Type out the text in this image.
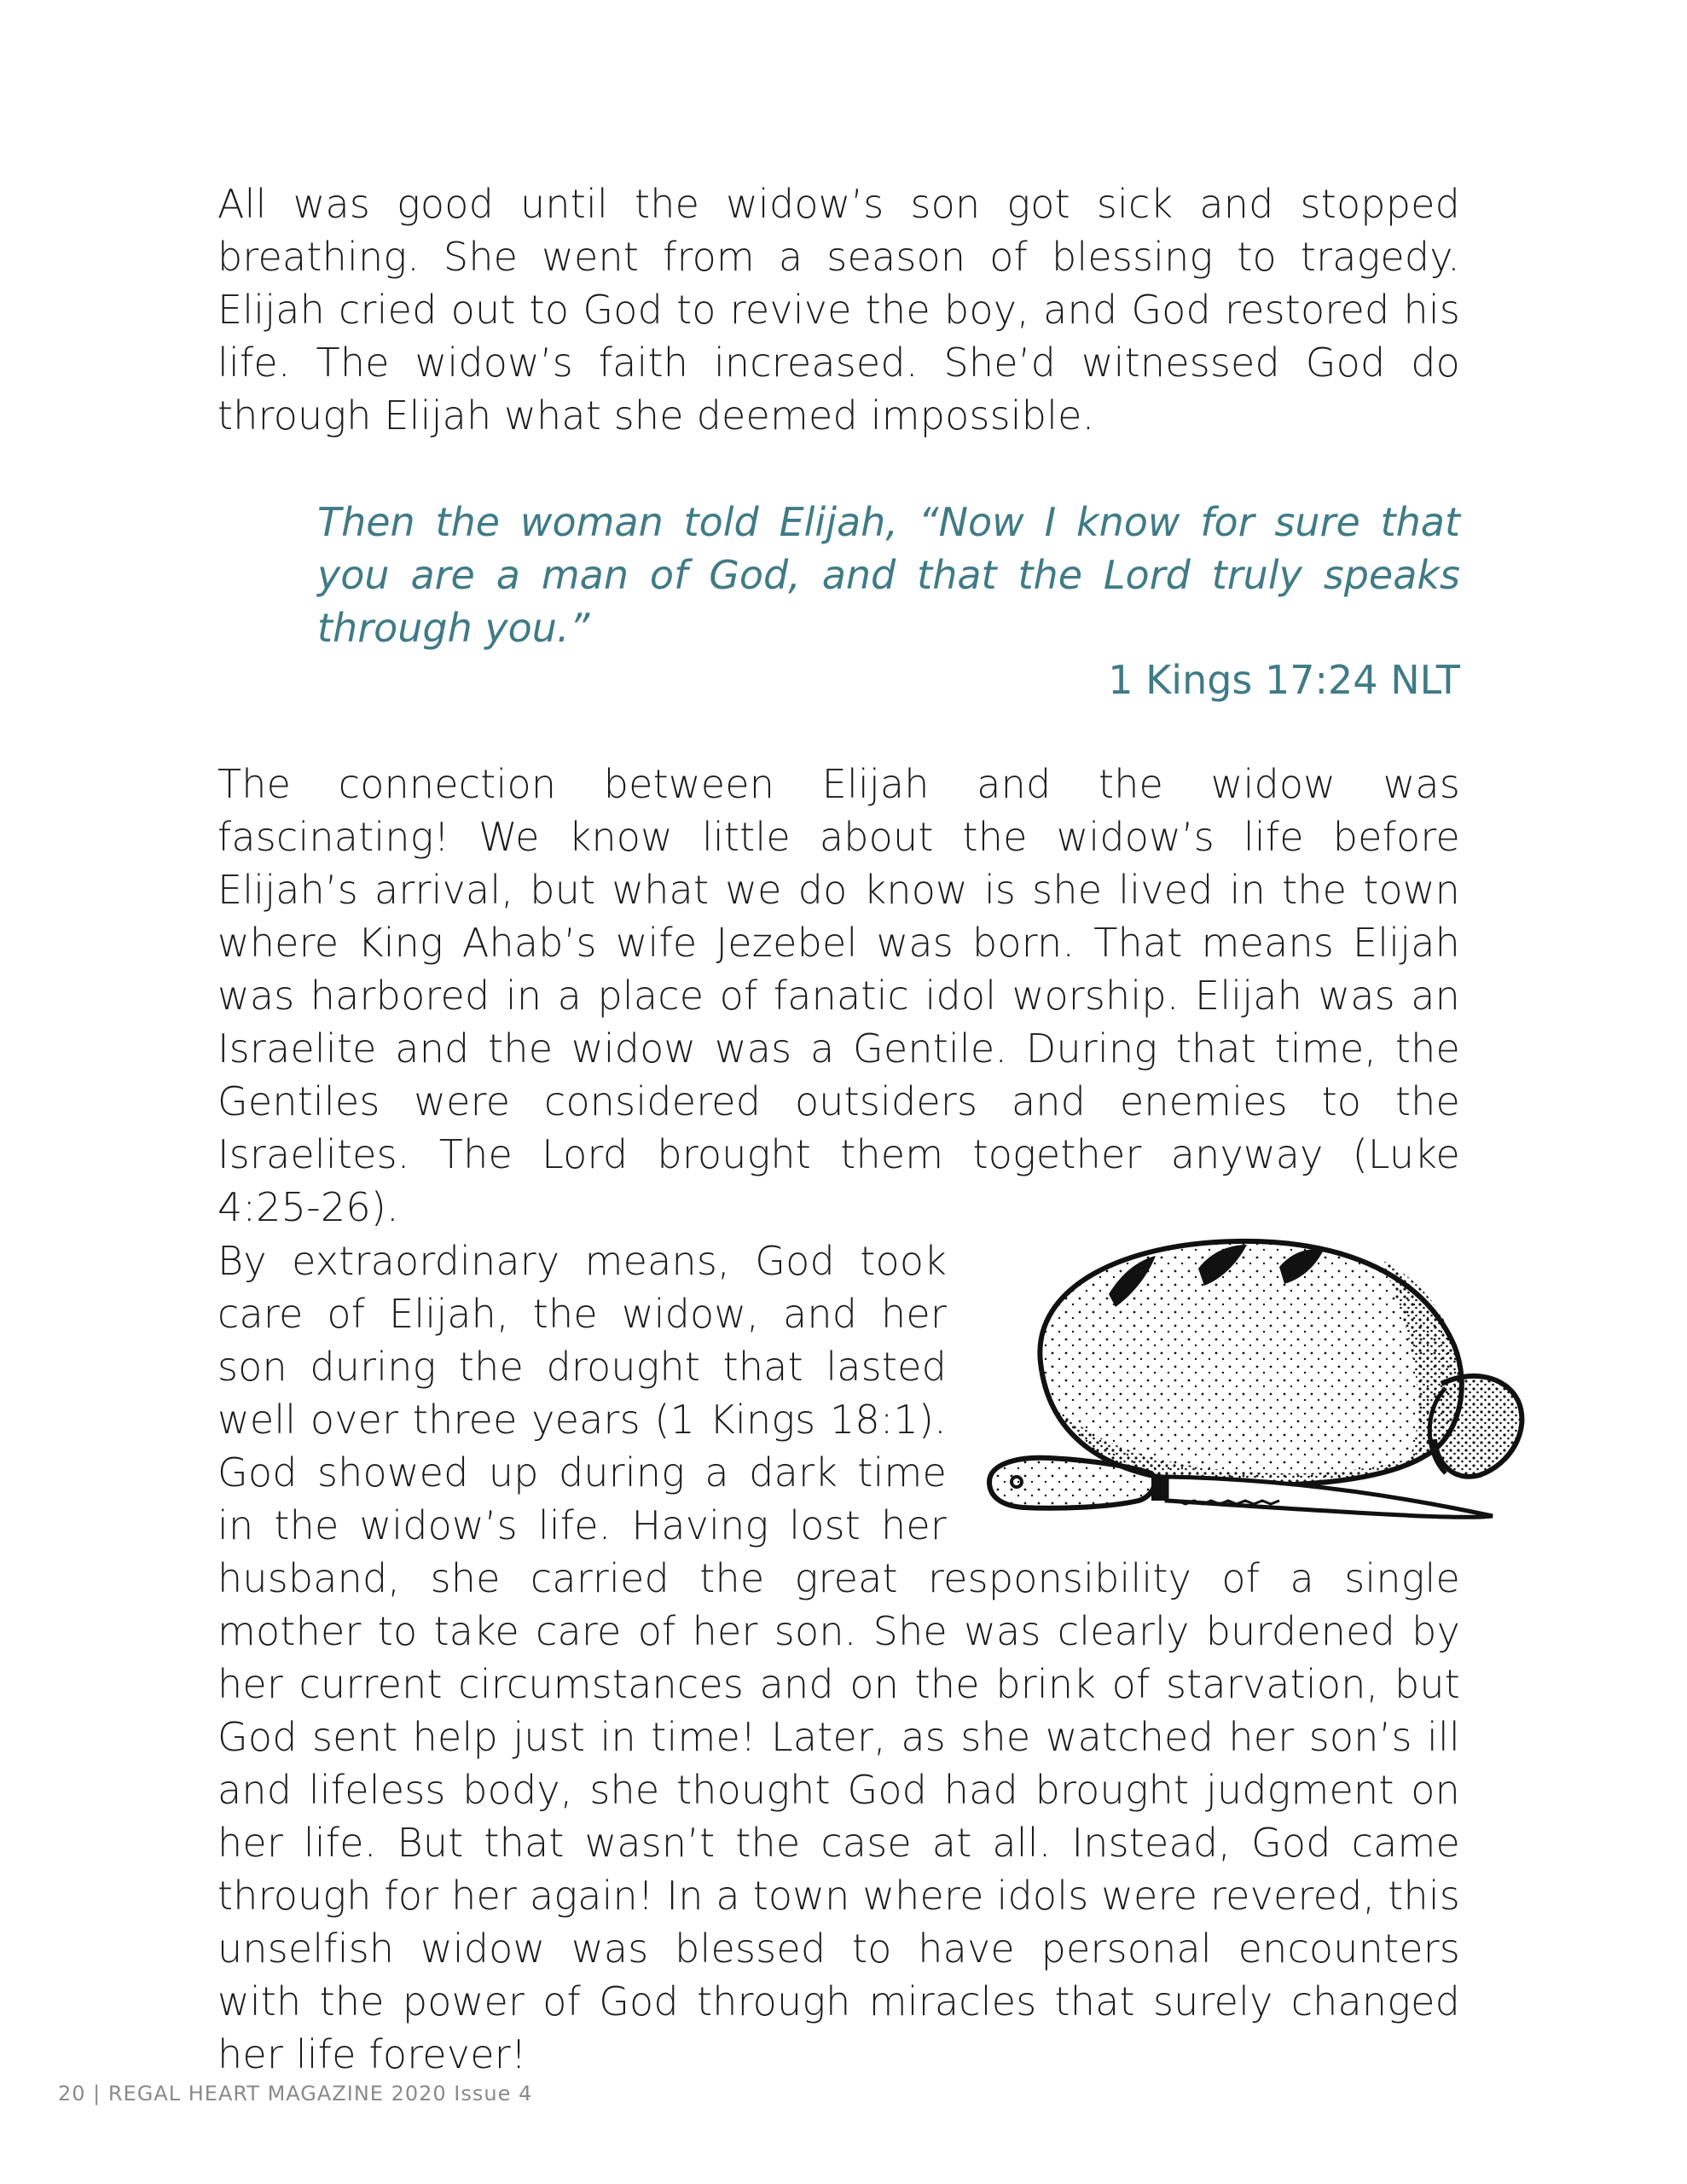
All was good until the widow’s son got sick and stopped breathing. She went from a season of blessing to tragedy. Elijah cried out to God to revive the boy, and God restored his life. The widow’s faith increased. She’d witnessed God do through Elijah what she deemed impossible.

Then the woman told Elijah, “Now I know for sure that you are a man of God, and that the Lord truly speaks through you.”

1 Kings 17:24 NLT

The connection between Elijah and the widow was fascinating! We know little about the widow’s life before Elijah’s arrival, but what we do know is she lived in the town where King Ahab’s wife Jezebel was born. That means Elijah was harbored in a place of fanatic idol worship. Elijah was an Israelite and the widow was a Gentile. During that time, the Gentiles were considered outsiders and enemies to the Israelites. The Lord brought them together anyway (Luke 4:25-26).

By extraordinary means, God took care of Elijah, the widow, and her son during the drought that lasted well over three years (1 Kings 18:1). God showed up during a dark time in the widow’s life. Having lost her husband, she carried the great responsibility of a single mother to take care of her son. She was clearly burdened by her current circumstances and on the brink of starvation, but God sent help just in time! Later, as she watched her son’s ill and lifeless body, she thought God had brought judgment on her life. But that wasn’t the case at all. Instead, God came through for her again! In a town where idols were revered, this unselfish widow was blessed to have personal encounters with the power of God through miracles that surely changed her life forever!
20 | REGAL HEART MAGAZINE 2020 Issue 4
